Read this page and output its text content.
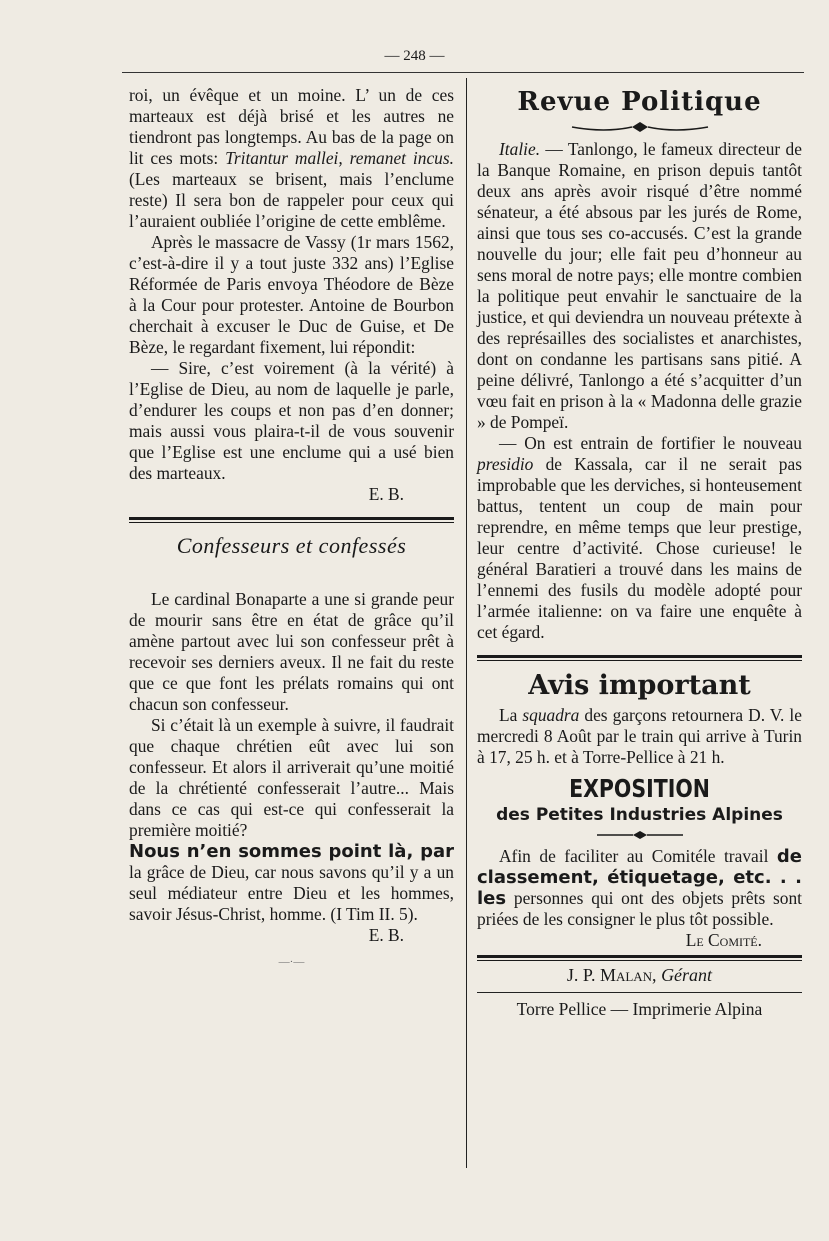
— 248 —

roi, un évêque et un moine. L’ un de ces marteaux est déjà brisé et les autres ne tiendront pas longtemps. Au bas de la page on lit ces mots: Tritantur mallei, remanet incus. (Les marteaux se brisent, mais l’enclume reste) Il sera bon de rappeler pour ceux qui l’auraient oubliée l’origine de cette emblême.

Après le massacre de Vassy (1r mars 1562, c’est-à-dire il y a tout juste 332 ans) l’Eglise Réformée de Paris envoya Théodore de Bèze à la Cour pour protester. Antoine de Bourbon cherchait à excuser le Duc de Guise, et De Bèze, le regardant fixement, lui répondit:

— Sire, c’est voirement (à la vérité) à l’Eglise de Dieu, au nom de laquelle je parle, d’endurer les coups et non pas d’en donner; mais aussi vous plaira-t-il de vous souvenir que l’Eglise est une enclume qui a usé bien des marteaux.

E. B.

Confesseurs et confessés

Le cardinal Bonaparte a une si grande peur de mourir sans être en état de grâce qu’il amène partout avec lui son confesseur prêt à recevoir ses derniers aveux. Il ne fait du reste que ce que font les prélats romains qui ont chacun son confesseur.

Si c’était là un exemple à suivre, il faudrait que chaque chrétien eût avec lui son confesseur. Et alors il arriverait qu’une moitié de la chrétienté confesserait l’autre... Mais dans ce cas qui est-ce qui confesserait la première moitié?

Nous n’en sommes point là, par la grâce de Dieu, car nous savons qu’il y a un seul médiateur entre Dieu et les hommes, savoir Jésus-Christ, homme. (I Tim II. 5).

E. B.

—·—
Revue Politique

Italie. — Tanlongo, le fameux directeur de la Banque Romaine, en prison depuis tantôt deux ans après avoir risqué d’être nommé sénateur, a été absous par les jurés de Rome, ainsi que tous ses co-accusés. C’est la grande nouvelle du jour; elle fait peu d’honneur au sens moral de notre pays; elle montre combien la politique peut envahir le sanctuaire de la justice, et qui deviendra un nouveau prétexte à des représailles des socialistes et anarchistes, dont on condanne les partisans sans pitié. A peine délivré, Tanlongo a été s’acquitter d’un vœu fait en prison à la « Madonna delle grazie » de Pompeï.

— On est entrain de fortifier le nouveau presidio de Kassala, car il ne serait pas improbable que les derviches, si honteusement battus, tentent un coup de main pour reprendre, en même temps que leur prestige, leur centre d’activité. Chose curieuse! le général Baratieri a trouvé dans les mains de l’ennemi des fusils du modèle adopté pour l’armée italienne: on va faire une enquête à cet égard.

Avis important

La squadra des garçons retournera D. V. le mercredi 8 Août par le train qui arrive à Turin à 17, 25 h. et à Torre-Pellice à 21 h.

EXPOSITION
des Petites Industries Alpines

Afin de faciliter au Comitéle travail de classement, étiquetage, etc. . . les personnes qui ont des objets prêts sont priées de les consigner le plus tôt possible.

Le Comité.

J. P. Malan, Gérant

Torre Pellice — Imprimerie Alpina
